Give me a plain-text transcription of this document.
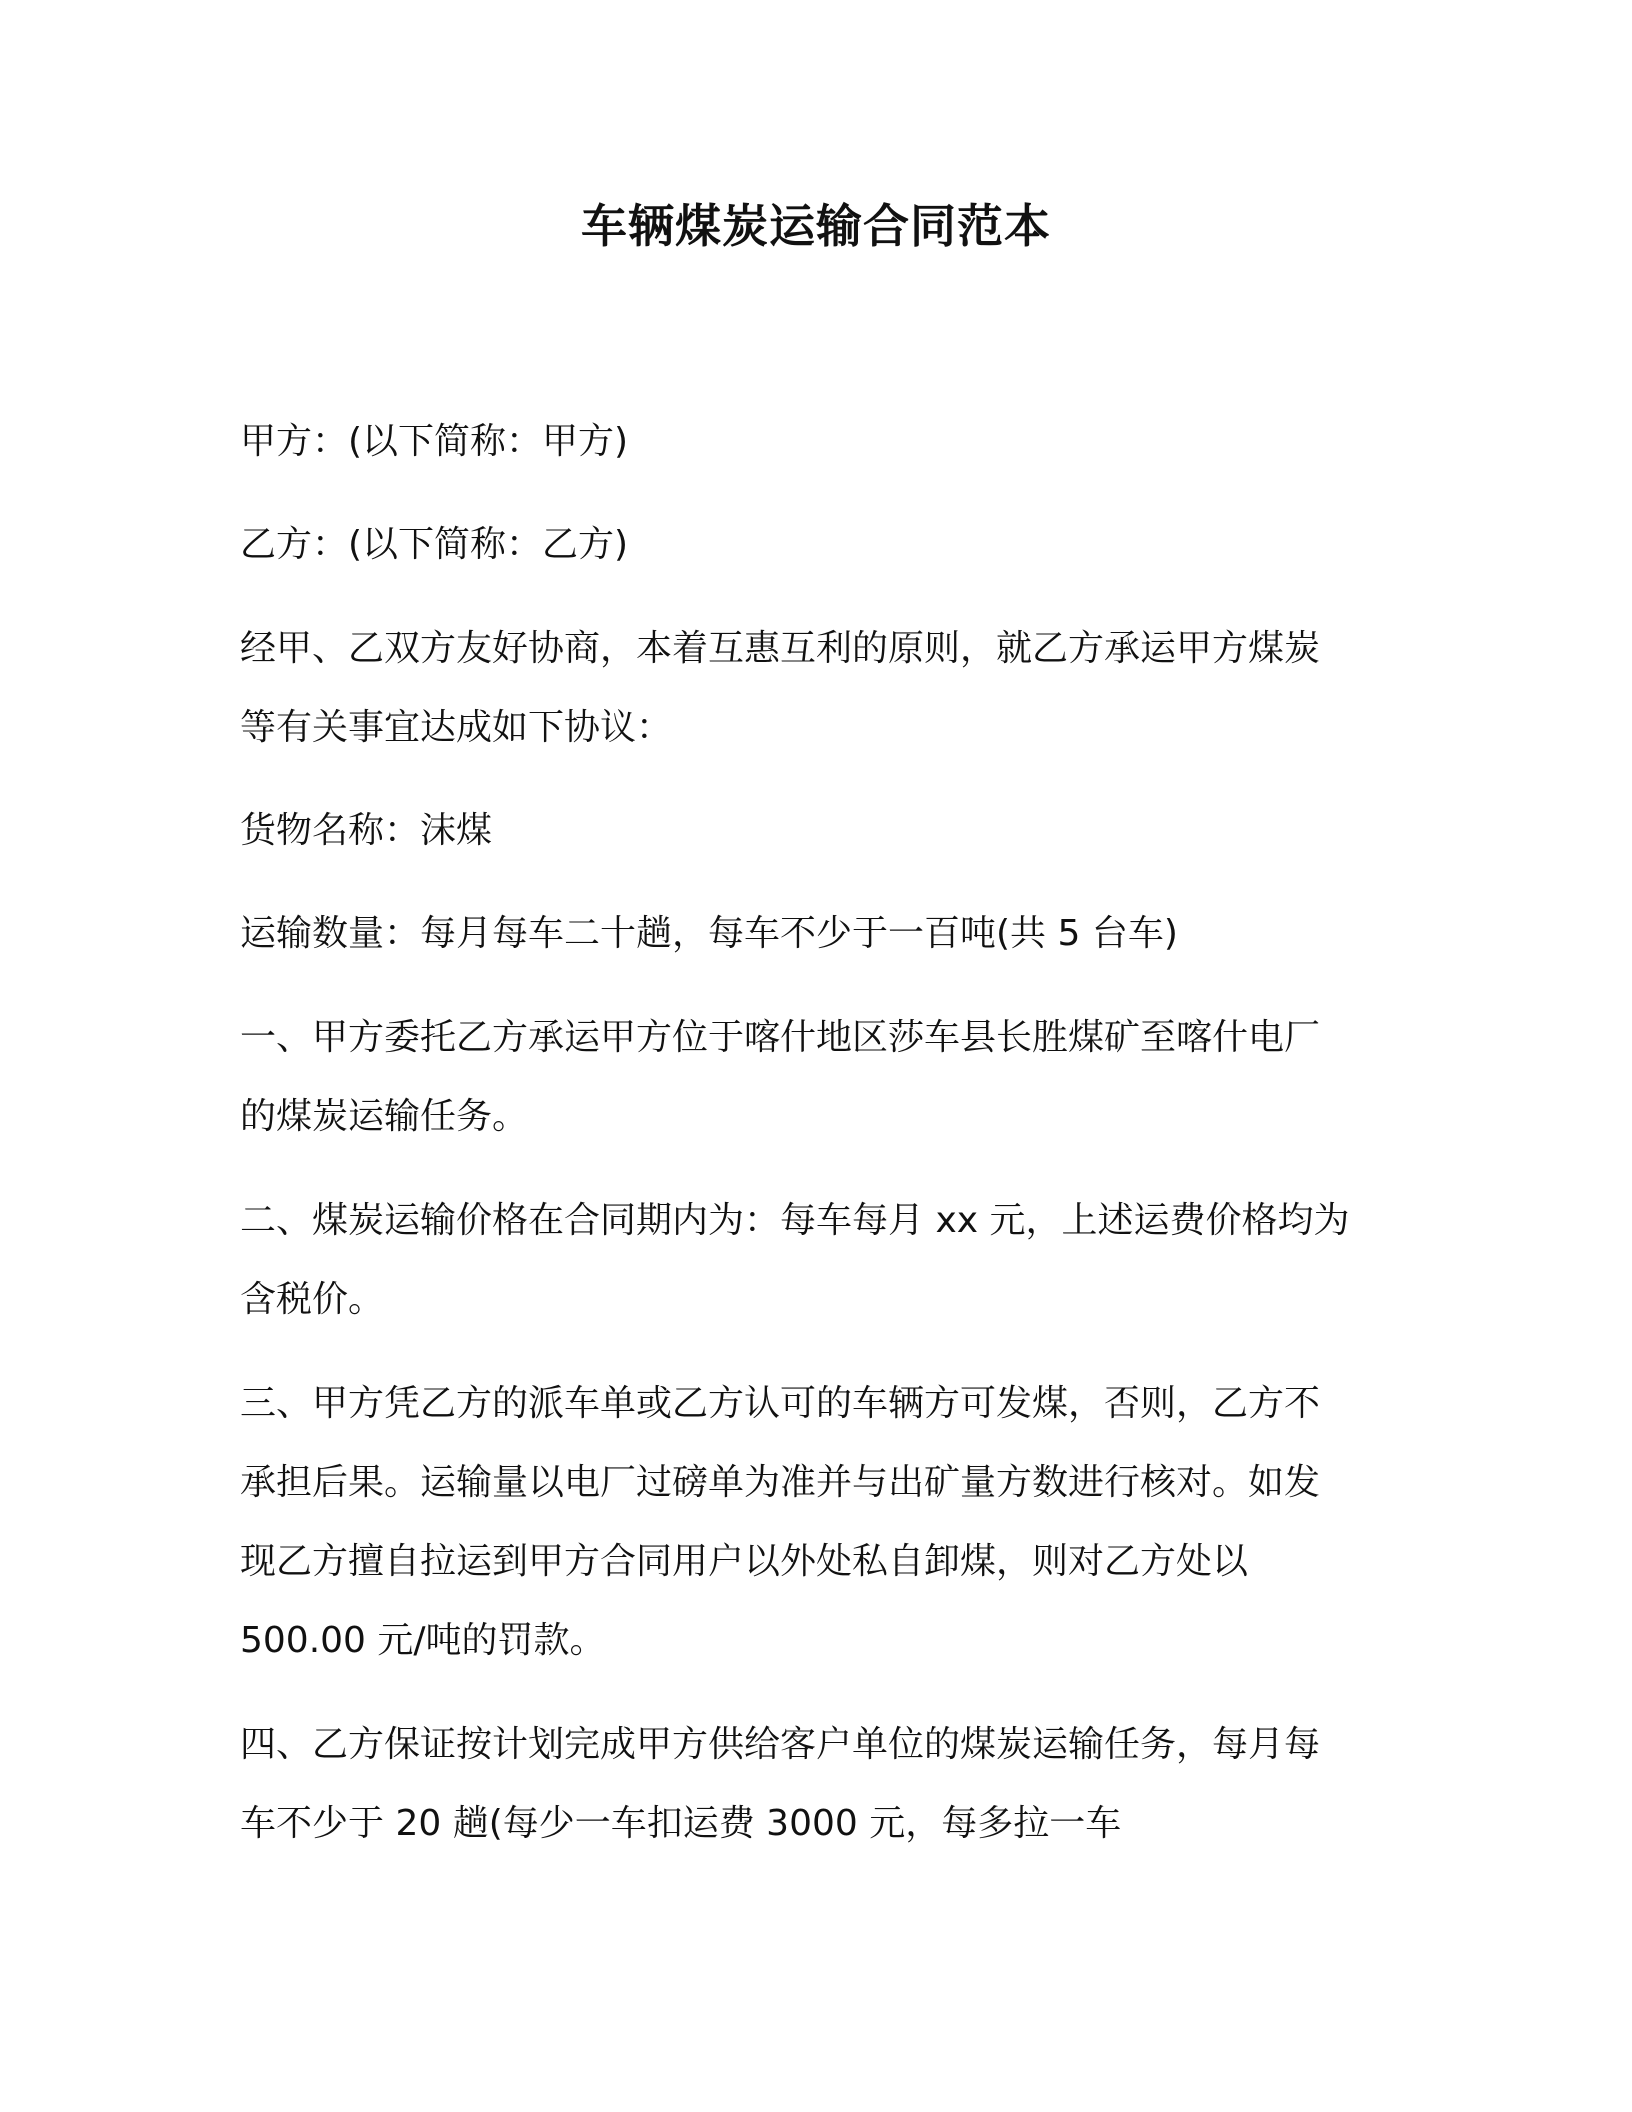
车辆煤炭运输合同范本
甲方：(以下简称：甲方)
乙方：(以下简称：乙方)
经甲、乙双方友好协商，本着互惠互利的原则，就乙方承运甲方煤炭
等有关事宜达成如下协议：
货物名称：沫煤
运输数量：每月每车二十趟，每车不少于一百吨(共 5 台车)
一、甲方委托乙方承运甲方位于喀什地区莎车县长胜煤矿至喀什电厂
的煤炭运输任务。
二、煤炭运输价格在合同期内为：每车每月 xx 元，上述运费价格均为
含税价。
三、甲方凭乙方的派车单或乙方认可的车辆方可发煤，否则，乙方不
承担后果。运输量以电厂过磅单为准并与出矿量方数进行核对。如发
现乙方擅自拉运到甲方合同用户以外处私自卸煤，则对乙方处以
500.00 元/吨的罚款。
四、乙方保证按计划完成甲方供给客户单位的煤炭运输任务，每月每
车不少于 20 趟(每少一车扣运费 3000 元，每多拉一车
